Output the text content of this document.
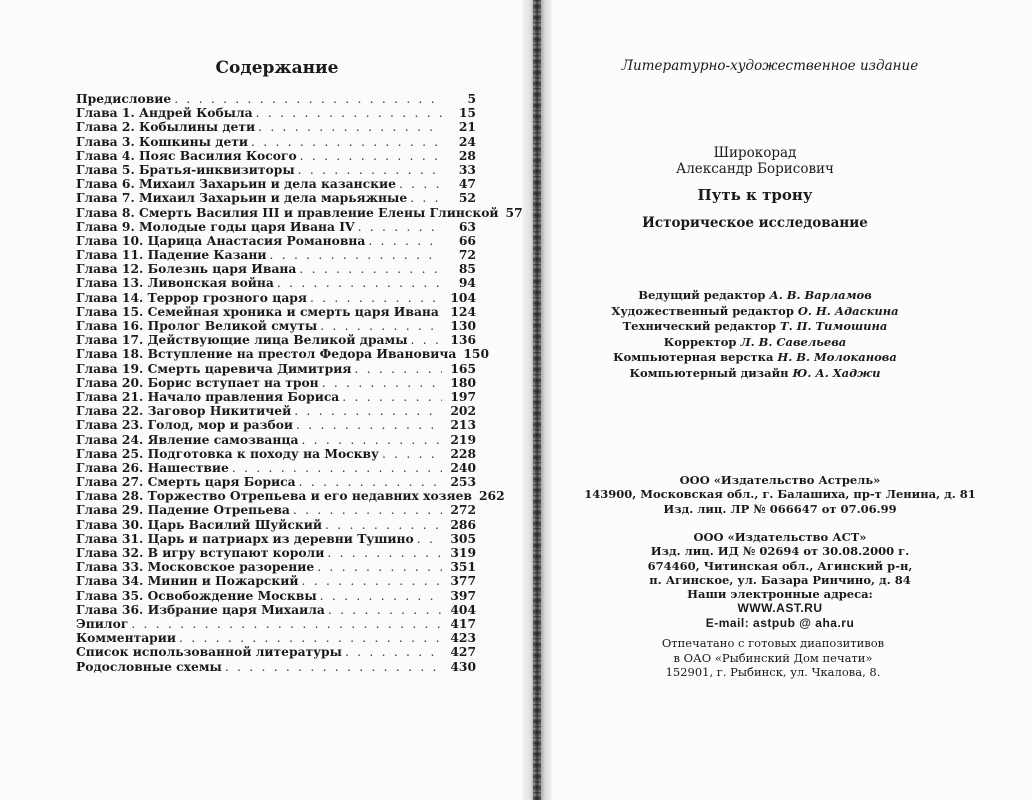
Содержание
Предисловие . . .	5
Глава 1. Андрей Кобыла . . .	15
Глава 2. Кобылины дети . . .	21
Глава 3. Кошкины дети . . .	24
Глава 4. Пояс Василия Косого . . .	28
Глава 5. Братья-инквизиторы . . .	33
Глава 6. Михаил Захарьин и дела казанские . . .	47
Глава 7. Михаил Захарьин и дела марьяжные . . .	52
Глава 8. Смерть Василия III и правление Елены Глинской 57
Глава 9. Молодые годы царя Ивана IV . . .	63
Глава 10. Царица Анастасия Романовна . . .	66
Глава 11. Падение Казани . . .	72
Глава 12. Болезнь царя Ивана . . .	85
Глава 13. Ливонская война . . .	94
Глава 14. Террор грозного царя . . .	104
Глава 15. Семейная хроника и смерть царя Ивана . . . 124
Глава 16. Пролог Великой смуты . . .	130
Глава 17. Действующие лица Великой драмы . . .	136
Глава 18. Вступление на престол Федора Ивановича 150
Глава 19. Смерть царевича Димитрия . . .	165
Глава 20. Борис вступает на трон . . .	180
Глава 21. Начало правления Бориса . . .	197
Глава 22. Заговор Никитичей . . .	202
Глава 23. Голод, мор и разбои . . .	213
Глава 24. Явление самозванца . . .	219
Глава 25. Подготовка к походу на Москву . . .	228
Глава 26. Нашествие . . .	240
Глава 27. Смерть царя Бориса . . .	253
Глава 28. Торжество Отрепьева и его недавних хозяев 262
Глава 29. Падение Отрепьева . . .	272
Глава 30. Царь Василий Шуйский . . .	286
Глава 31. Царь и патриарх из деревни Тушино . . .	305
Глава 32. В игру вступают короли . . .	319
Глава 33. Московское разорение . . .	351
Глава 34. Минин и Пожарский . . .	377
Глава 35. Освобождение Москвы . . .	397
Глава 36. Избрание царя Михаила . . .	404
Эпилог . . .	417
Комментарии . . .	423
Список использованной литературы . . .	427
Родословные схемы . . .	430
Литературно-художественное издание
Широкорад
Александр Борисович
Путь к трону
Историческое исследование
Ведущий редактор А. В. Варламов
Художественный редактор О. Н. Адаскина
Технический редактор Т. П. Тимошина
Корректор Л. В. Савельева
Компьютерная верстка Н. В. Молоканова
Компьютерный дизайн Ю. А. Хаджи
ООО «Издательство Астрель»
143900, Московская обл., г. Балашиха, пр-т Ленина, д. 81
Изд. лиц. ЛР № 066647 от 07.06.99
ООО «Издательство АСТ»
Изд. лиц. ИД № 02694 от 30.08.2000 г.
674460, Читинская обл., Агинский р-н,
п. Агинское, ул. Базара Ринчино, д. 84
Наши электронные адреса:
WWW.AST.RU
E-mail: astpub @ aha.ru
Отпечатано с готовых диапозитивов
в ОАО «Рыбинский Дом печати»
152901, г. Рыбинск, ул. Чкалова, 8.
